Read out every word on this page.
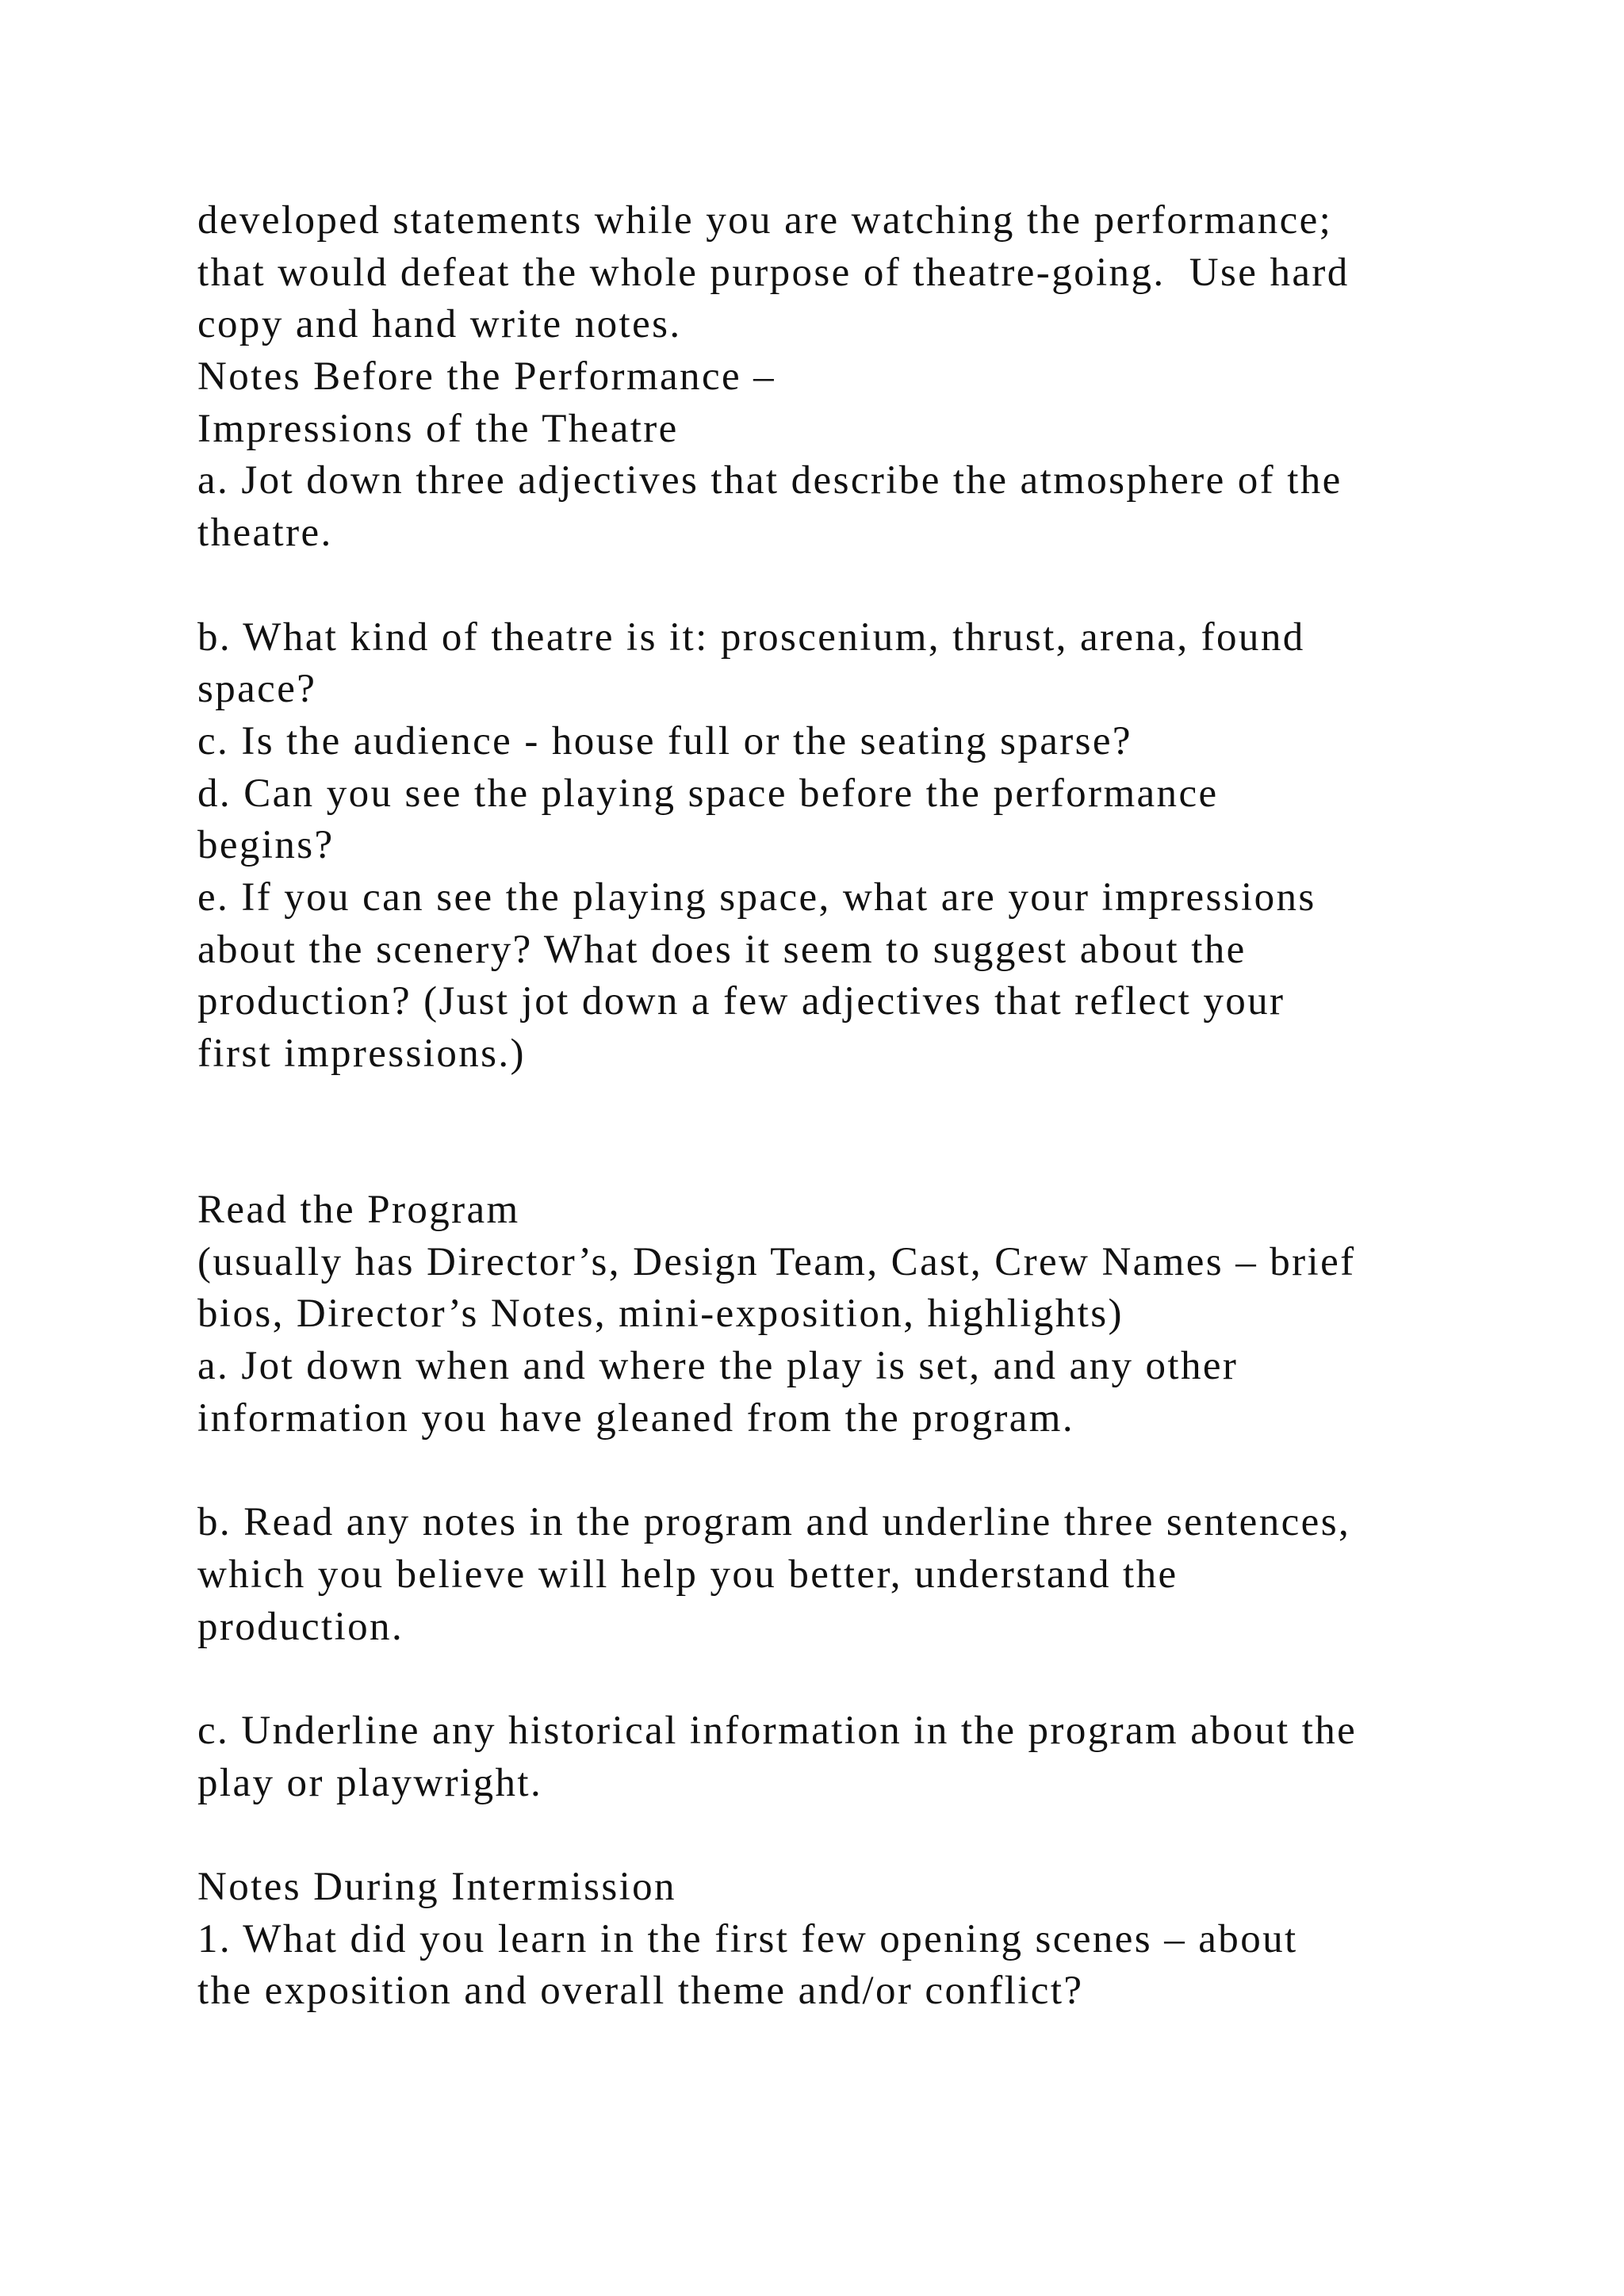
developed statements while you are watching the performance;
that would defeat the whole purpose of theatre-going.  Use hard
copy and hand write notes.
Notes Before the Performance –
Impressions of the Theatre
a. Jot down three adjectives that describe the atmosphere of the
theatre.
b. What kind of theatre is it: proscenium, thrust, arena, found
space?
c. Is the audience - house full or the seating sparse?
d. Can you see the playing space before the performance
begins?
e. If you can see the playing space, what are your impressions
about the scenery? What does it seem to suggest about the
production? (Just jot down a few adjectives that reflect your
first impressions.)
Read the Program
(usually has Director’s, Design Team, Cast, Crew Names – brief
bios, Director’s Notes, mini-exposition, highlights)
a. Jot down when and where the play is set, and any other
information you have gleaned from the program.
b. Read any notes in the program and underline three sentences,
which you believe will help you better, understand the
production.
c. Underline any historical information in the program about the
play or playwright.
Notes During Intermission
1. What did you learn in the first few opening scenes – about
the exposition and overall theme and/or conflict?
